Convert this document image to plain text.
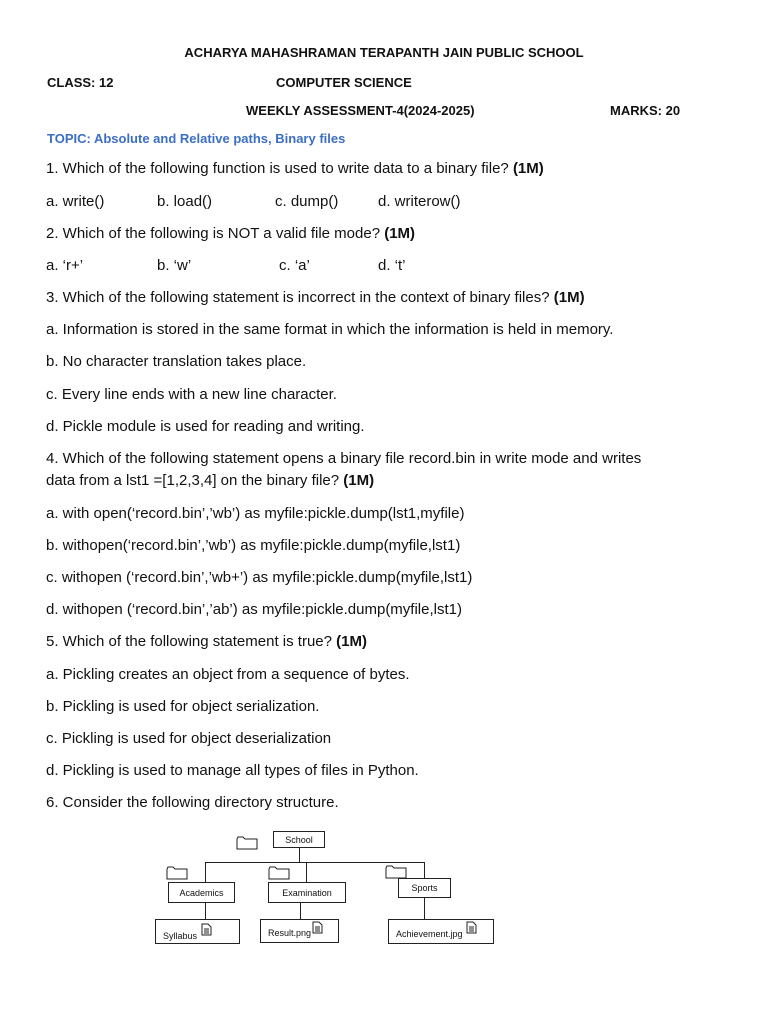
ACHARYA MAHASHRAMAN TERAPANTH JAIN PUBLIC SCHOOL
CLASS: 12	COMPUTER SCIENCE
WEEKLY ASSESSMENT-4(2024-2025)	MARKS: 20
TOPIC: Absolute and Relative paths, Binary files
1. Which of the following function is used to write data to a binary file? (1M)
a. write()	b. load()	c. dump()	d. writerow()
2. Which of the following is NOT a valid file mode? (1M)
a. ‘r+’	b. ‘w’	c. ‘a’	d. ‘t’
3. Which of the following statement is incorrect in the context of binary files? (1M)
a. Information is stored in the same format in which the information is held in memory.
b. No character translation takes place.
c. Every line ends with a new line character.
d. Pickle module is used for reading and writing.
4. Which of the following statement opens a binary file record.bin in write mode and writes
data from a lst1 =[1,2,3,4] on the binary file? (1M)
a. with open(‘record.bin’,’wb’) as myfile:pickle.dump(lst1,myfile)
b. withopen(‘record.bin’,’wb’) as myfile:pickle.dump(myfile,lst1)
c. withopen (‘record.bin’,’wb+’) as myfile:pickle.dump(myfile,lst1)
d. withopen (‘record.bin’,’ab’) as myfile:pickle.dump(myfile,lst1)
5. Which of the following statement is true? (1M)
a. Pickling creates an object from a sequence of bytes.
b. Pickling is used for object serialization.
c. Pickling is used for object deserialization
d. Pickling is used to manage all types of files in Python.
6. Consider the following directory structure.
School
Academics	Examination	Sports
Syllabus	Result.png	Achievement.jpg
